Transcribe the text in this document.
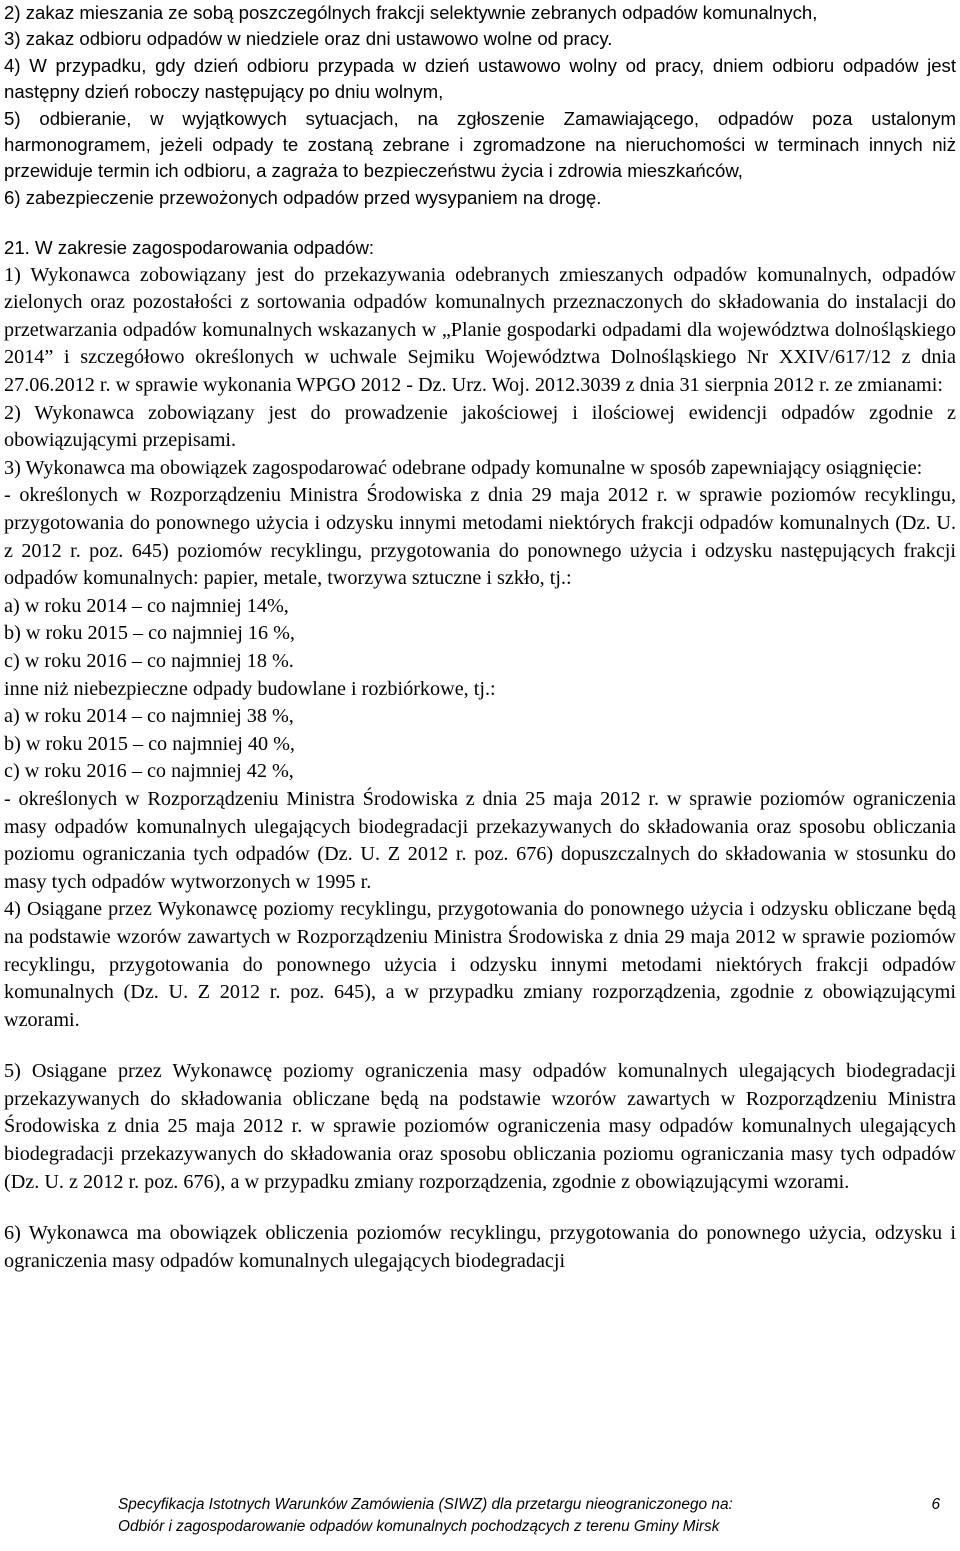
2) zakaz mieszania ze sobą poszczególnych frakcji selektywnie zebranych odpadów komunalnych,

3) zakaz odbioru odpadów w niedziele oraz dni ustawowo wolne od pracy.

4) W przypadku, gdy dzień odbioru przypada w dzień ustawowo wolny od pracy, dniem odbioru odpadów jest następny dzień roboczy następujący po dniu wolnym,

5) odbieranie, w wyjątkowych sytuacjach, na zgłoszenie Zamawiającego, odpadów poza ustalonym harmonogramem, jeżeli odpady te zostaną zebrane i zgromadzone na nieruchomości w terminach innych niż przewiduje termin ich odbioru, a zagraża to bezpieczeństwu życia i zdrowia mieszkańców,

6) zabezpieczenie przewożonych odpadów przed wysypaniem na drogę.

21. W zakresie zagospodarowania odpadów:

1) Wykonawca zobowiązany jest do przekazywania odebranych zmieszanych odpadów komunalnych, odpadów zielonych oraz pozostałości z sortowania odpadów komunalnych przeznaczonych do składowania do instalacji do przetwarzania odpadów komunalnych wskazanych w „Planie gospodarki odpadami dla województwa dolnośląskiego 2014” i szczegółowo określonych w uchwale Sejmiku Województwa Dolnośląskiego Nr XXIV/617/12 z dnia 27.06.2012 r. w sprawie wykonania WPGO 2012 - Dz. Urz. Woj. 2012.3039 z dnia 31 sierpnia 2012 r. ze zmianami:

2) Wykonawca zobowiązany jest do prowadzenie jakościowej i ilościowej ewidencji odpadów zgodnie z obowiązującymi przepisami.

3) Wykonawca ma obowiązek zagospodarować odebrane odpady komunalne w sposób zapewniający osiągnięcie:

- określonych w Rozporządzeniu Ministra Środowiska z dnia 29 maja 2012 r. w sprawie poziomów recyklingu, przygotowania do ponownego użycia i odzysku innymi metodami niektórych frakcji odpadów komunalnych (Dz. U. z 2012 r. poz. 645) poziomów recyklingu, przygotowania do ponownego użycia i odzysku następujących frakcji odpadów komunalnych: papier, metale, tworzywa sztuczne i szkło, tj.:

a) w roku 2014 – co najmniej 14%,

b) w roku 2015 – co najmniej 16 %,

c) w roku 2016 – co najmniej 18 %.

inne niż niebezpieczne odpady budowlane i rozbiórkowe, tj.:

a) w roku 2014 – co najmniej 38 %,

b) w roku 2015 – co najmniej 40 %,

c) w roku 2016 – co najmniej 42 %,

- określonych w Rozporządzeniu Ministra Środowiska z dnia 25 maja 2012 r. w sprawie poziomów ograniczenia masy odpadów komunalnych ulegających biodegradacji przekazywanych do składowania oraz sposobu obliczania poziomu ograniczania tych odpadów (Dz. U. Z 2012 r. poz. 676) dopuszczalnych do składowania w stosunku do masy tych odpadów wytworzonych w 1995 r.

4) Osiągane przez Wykonawcę poziomy recyklingu, przygotowania do ponownego użycia i odzysku obliczane będą na podstawie wzorów zawartych w Rozporządzeniu Ministra Środowiska z dnia 29 maja 2012 w sprawie poziomów recyklingu, przygotowania do ponownego użycia i odzysku innymi metodami niektórych frakcji odpadów komunalnych (Dz. U. Z 2012 r. poz. 645), a w przypadku zmiany rozporządzenia, zgodnie z obowiązującymi wzorami.

5) Osiągane przez Wykonawcę poziomy ograniczenia masy odpadów komunalnych ulegających biodegradacji przekazywanych do składowania obliczane będą na podstawie wzorów zawartych w Rozporządzeniu Ministra Środowiska z dnia 25 maja 2012 r. w sprawie poziomów ograniczenia masy odpadów komunalnych ulegających biodegradacji przekazywanych do składowania oraz sposobu obliczania poziomu ograniczania masy tych odpadów (Dz. U. z 2012 r. poz. 676), a w przypadku zmiany rozporządzenia, zgodnie z obowiązującymi wzorami.

6) Wykonawca ma obowiązek obliczenia poziomów recyklingu, przygotowania do ponownego użycia, odzysku i ograniczenia masy odpadów komunalnych ulegających biodegradacji

Specyfikacja Istotnych Warunków Zamówienia (SIWZ) dla przetargu nieograniczonego na:
Odbiór i zagospodarowanie odpadów komunalnych pochodzących z terenu Gminy Mirsk
6
